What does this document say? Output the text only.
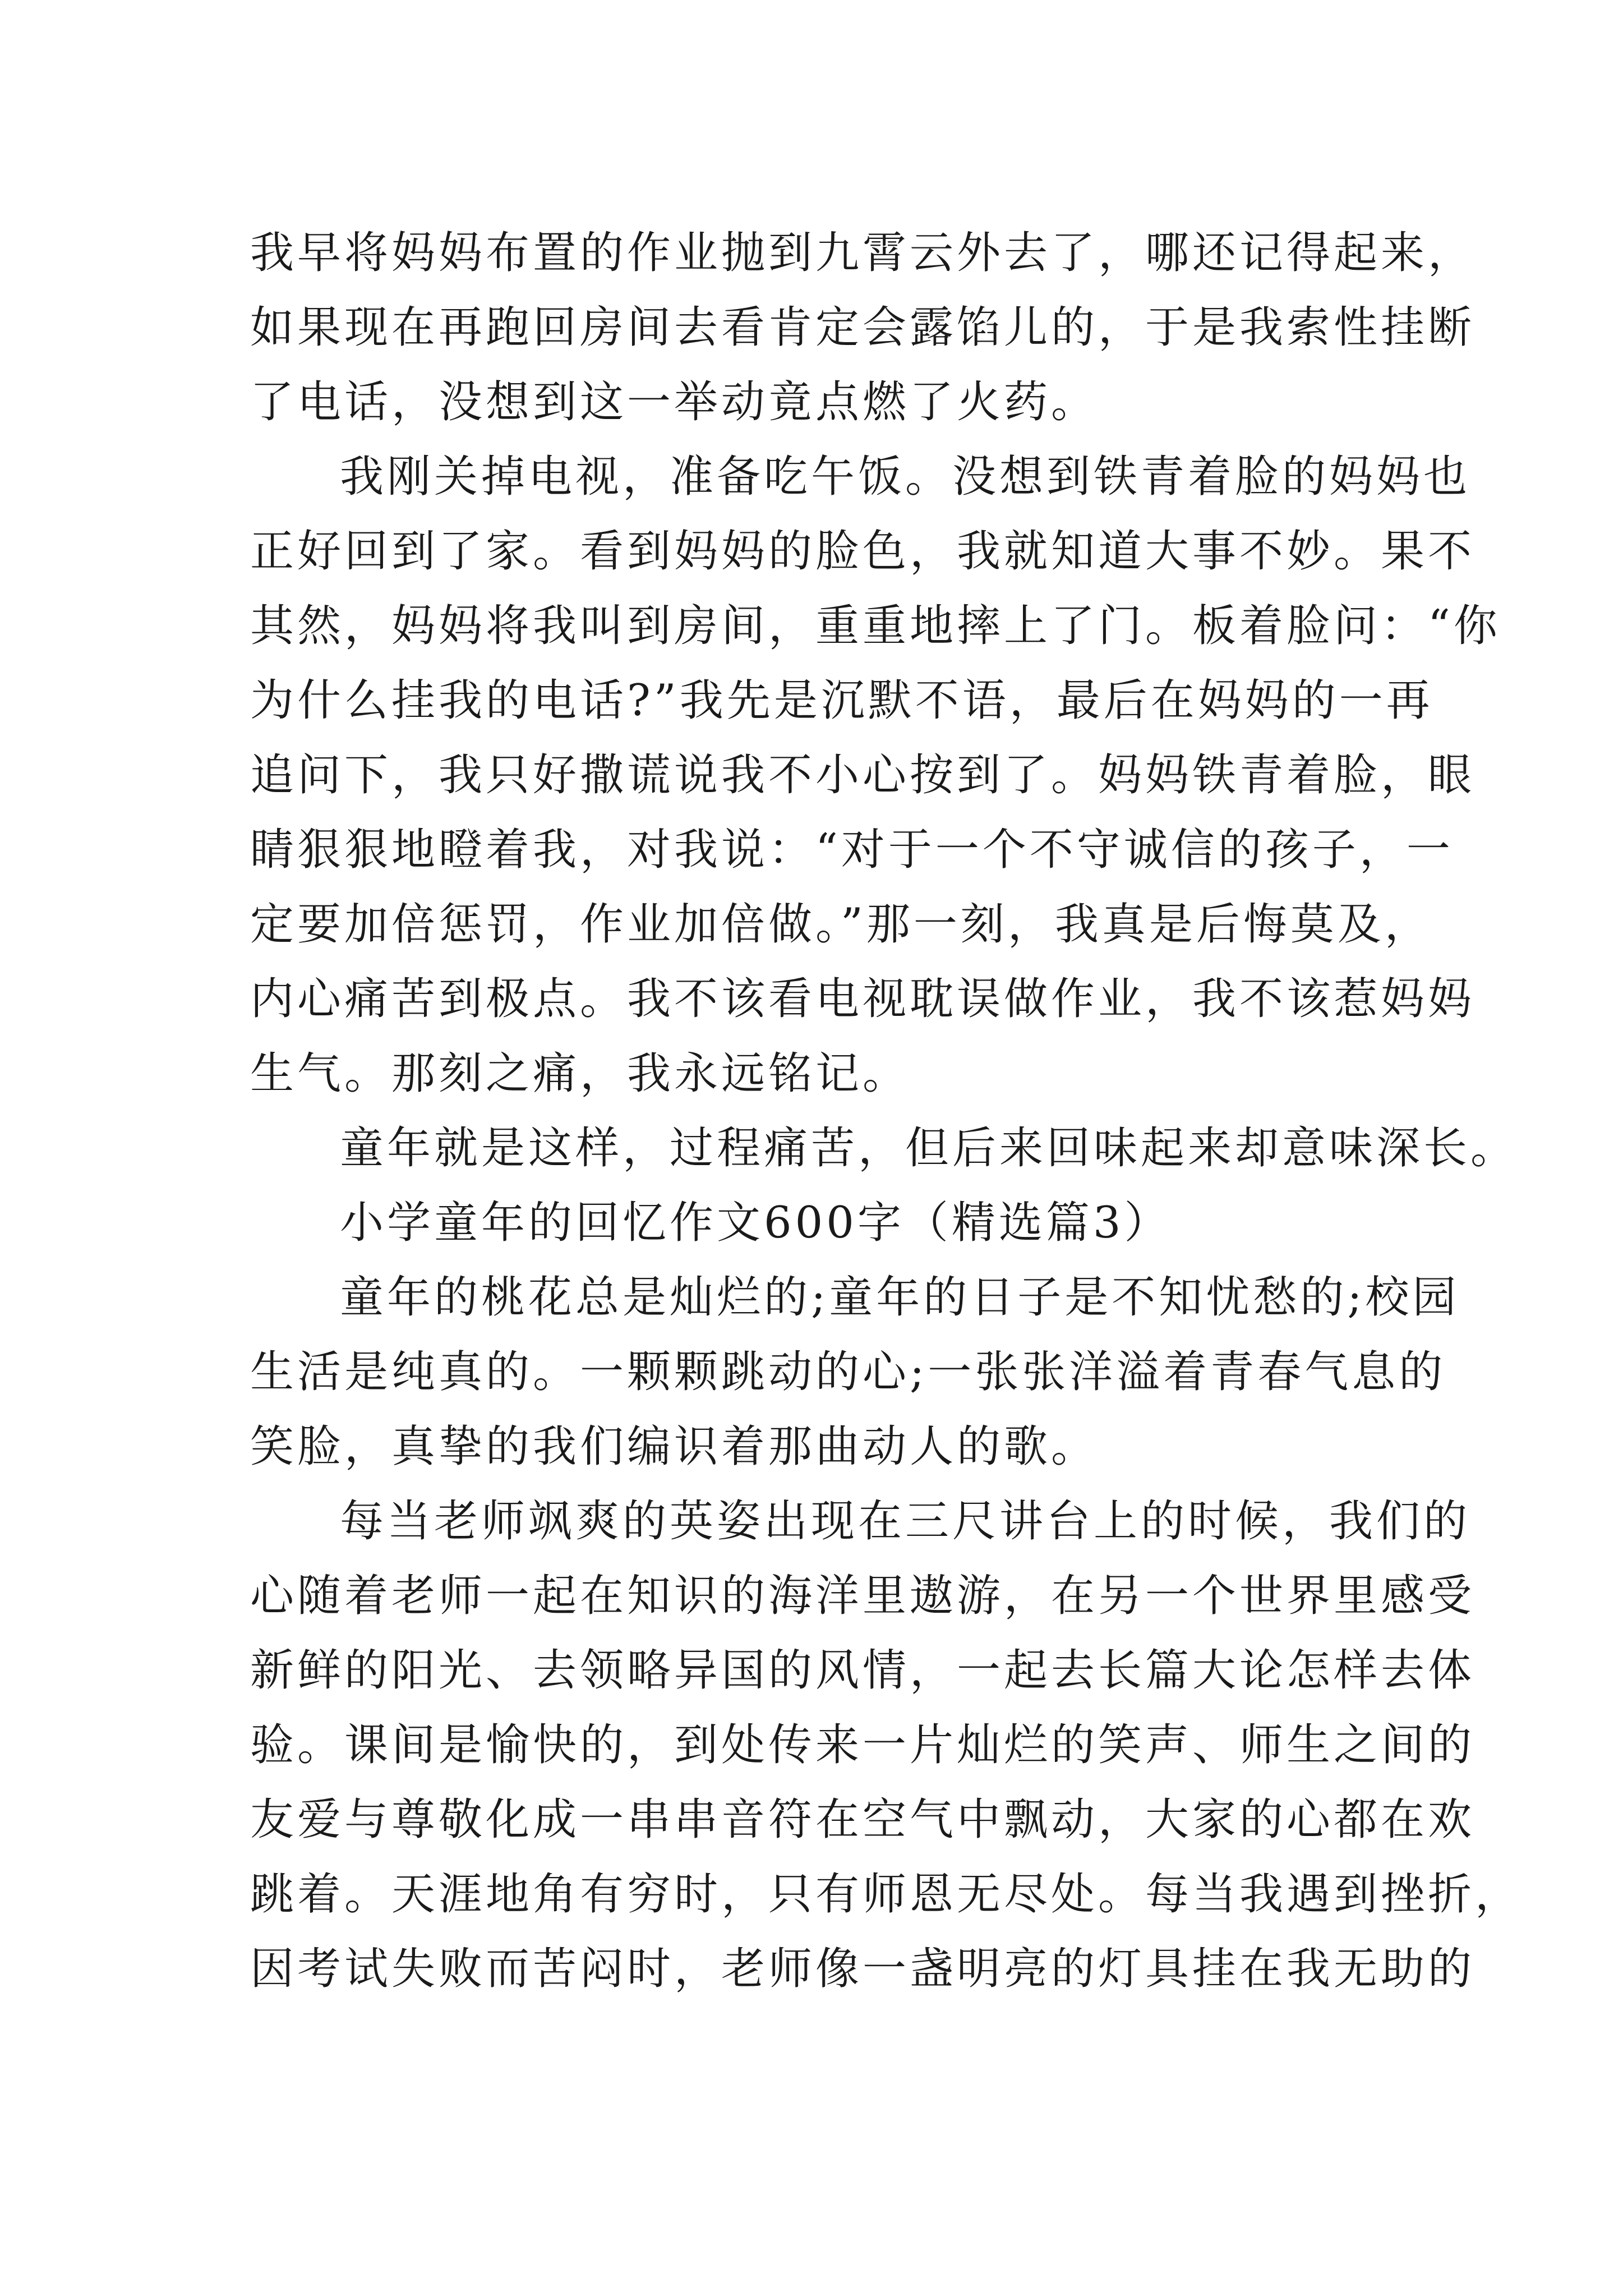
我早将妈妈布置的作业抛到九霄云外去了，哪还记得起来，
如果现在再跑回房间去看肯定会露馅儿的，于是我索性挂断
了电话，没想到这一举动竟点燃了火药。
我刚关掉电视，准备吃午饭。没想到铁青着脸的妈妈也
正好回到了家。看到妈妈的脸色，我就知道大事不妙。果不
其然，妈妈将我叫到房间，重重地摔上了门。板着脸问：“你
为什么挂我的电话?”我先是沉默不语，最后在妈妈的一再
追问下，我只好撒谎说我不小心按到了。妈妈铁青着脸，眼
睛狠狠地瞪着我，对我说：“对于一个不守诚信的孩子，一
定要加倍惩罚，作业加倍做。”那一刻，我真是后悔莫及，
内心痛苦到极点。我不该看电视耽误做作业，我不该惹妈妈
生气。那刻之痛，我永远铭记。
童年就是这样，过程痛苦，但后来回味起来却意味深长。
小学童年的回忆作文600字（精选篇3）
童年的桃花总是灿烂的;童年的日子是不知忧愁的;校园
生活是纯真的。一颗颗跳动的心;一张张洋溢着青春气息的
笑脸，真挚的我们编识着那曲动人的歌。
每当老师飒爽的英姿出现在三尺讲台上的时候，我们的
心随着老师一起在知识的海洋里遨游，在另一个世界里感受
新鲜的阳光、去领略异国的风情，一起去长篇大论怎样去体
验。课间是愉快的，到处传来一片灿烂的笑声、师生之间的
友爱与尊敬化成一串串音符在空气中飘动，大家的心都在欢
跳着。天涯地角有穷时，只有师恩无尽处。每当我遇到挫折，
因考试失败而苦闷时，老师像一盏明亮的灯具挂在我无助的
